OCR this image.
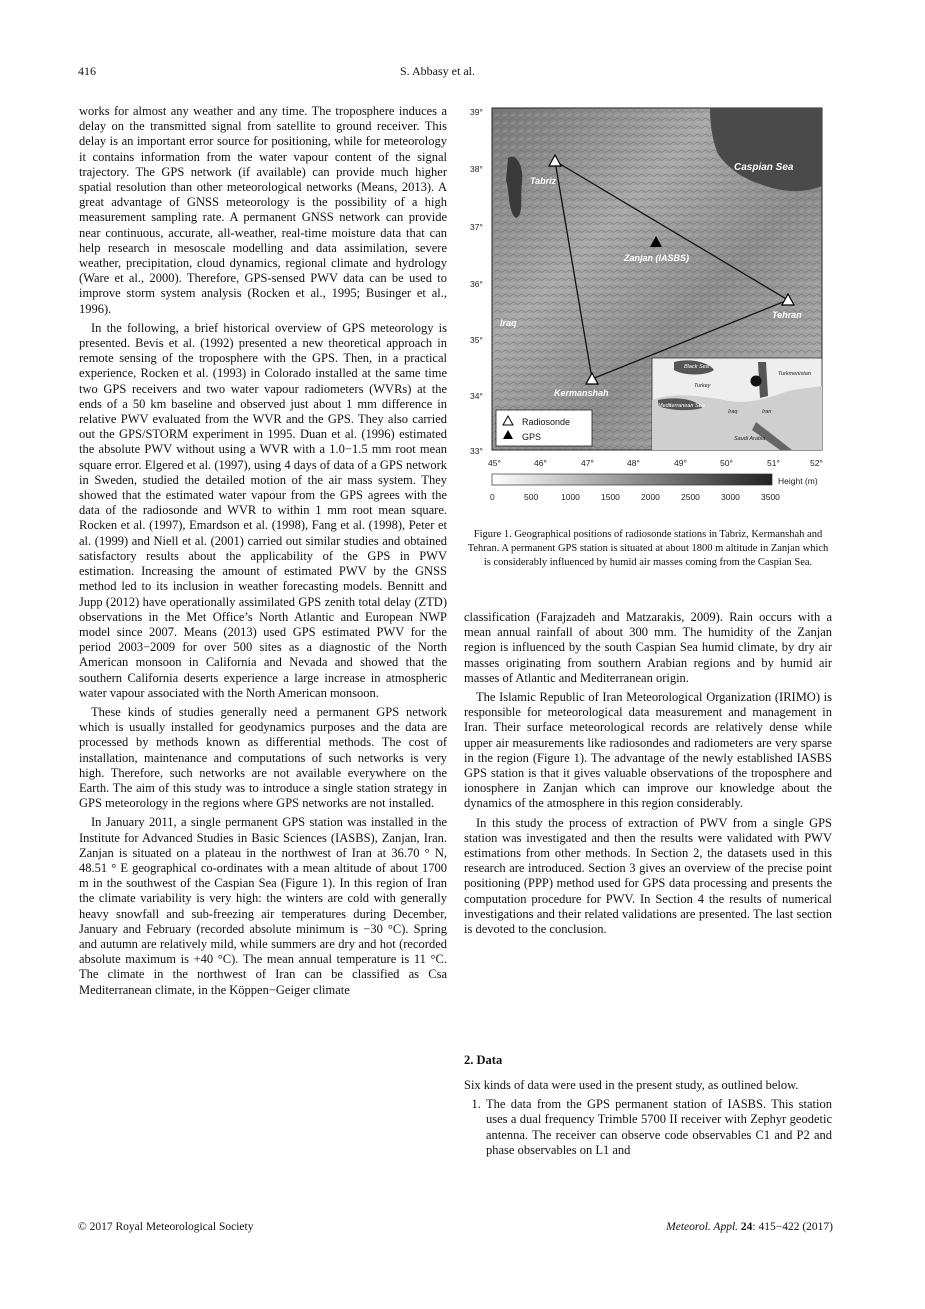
416	S. Abbasy et al.

works for almost any weather and any time. The troposphere induces a delay on the transmitted signal from satellite to ground receiver. This delay is an important error source for positioning, while for meteorology it contains information from the water vapour content of the signal trajectory. The GPS network (if available) can provide much higher spatial resolution than other meteorological networks (Means, 2013). A great advantage of GNSS meteorology is the possibility of a high measurement sampling rate. A permanent GNSS network can provide near continuous, accurate, all-weather, real-time moisture data that can help research in mesoscale modelling and data assimilation, severe weather, precipitation, cloud dynamics, regional climate and hydrology (Ware et al., 2000). Therefore, GPS-sensed PWV data can be used to improve storm system analysis (Rocken et al., 1995; Businger et al., 1996).

In the following, a brief historical overview of GPS meteorology is presented. Bevis et al. (1992) presented a new theoretical approach in remote sensing of the troposphere with the GPS. Then, in a practical experience, Rocken et al. (1993) in Colorado installed at the same time two GPS receivers and two water vapour radiometers (WVRs) at the ends of a 50 km baseline and observed just about 1 mm difference in relative PWV evaluated from the WVR and the GPS. They also carried out the GPS/STORM experiment in 1995. Duan et al. (1996) estimated the absolute PWV without using a WVR with a 1.0−1.5 mm root mean square error. Elgered et al. (1997), using 4 days of data of a GPS network in Sweden, studied the detailed motion of the air mass system. They showed that the estimated water vapour from the GPS agrees with the data of the radiosonde and WVR to within 1 mm root mean square. Rocken et al. (1997), Emardson et al. (1998), Fang et al. (1998), Peter et al. (1999) and Niell et al. (2001) carried out similar studies and obtained satisfactory results about the applicability of the GPS in PWV estimation. Increasing the amount of estimated PWV by the GNSS method led to its inclusion in weather forecasting models. Bennitt and Jupp (2012) have operationally assimilated GPS zenith total delay (ZTD) observations in the Met Office’s North Atlantic and European NWP model since 2007. Means (2013) used GPS estimated PWV for the period 2003−2009 for over 500 sites as a diagnostic of the North American monsoon in California and Nevada and showed that the southern California deserts experience a large increase in atmospheric water vapour associated with the North American monsoon.

These kinds of studies generally need a permanent GPS network which is usually installed for geodynamics purposes and the data are processed by methods known as differential methods. The cost of installation, maintenance and computations of such networks is very high. Therefore, such networks are not available everywhere on the Earth. The aim of this study was to introduce a single station strategy in GPS meteorology in the regions where GPS networks are not installed.

In January 2011, a single permanent GPS station was installed in the Institute for Advanced Studies in Basic Sciences (IASBS), Zanjan, Iran. Zanjan is situated on a plateau in the northwest of Iran at 36.70 ° N, 48.51 ° E geographical co-ordinates with a mean altitude of about 1700 m in the southwest of the Caspian Sea (Figure 1). In this region of Iran the climate variability is very high: the winters are cold with generally heavy snowfall and sub-freezing air temperatures during December, January and February (recorded absolute minimum is −30 °C). Spring and autumn are relatively mild, while summers are dry and hot (recorded absolute maximum is +40 °C). The mean annual temperature is 11 °C. The climate in the northwest of Iran can be classified as Csa Mediterranean climate, in the Köppen−Geiger climate

Caspian Sea
Tabriz
Zanjan (IASBS)
Tehran
Iraq
Kermanshah
39°
38°
37°
36°
35°
34°
33°
Black Sea
Turkey
Turkmenistan
Mediterranean Sea
Iraq	Iran
Saudi Arabia
Radiosonde
GPS
45°	46°	47°	48°	49°	50°	51°	52°
Height (m)
0	500	1000 1500 2000 2500 3000 3500
Figure 1. Geographical positions of radiosonde stations in Tabriz, Kermanshah and Tehran. A permanent GPS station is situated at about 1800 m altitude in Zanjan which is considerably influenced by humid air masses coming from the Caspian Sea.

classification (Farajzadeh and Matzarakis, 2009). Rain occurs with a mean annual rainfall of about 300 mm. The humidity of the Zanjan region is influenced by the south Caspian Sea humid climate, by dry air masses originating from southern Arabian regions and by humid air masses of Atlantic and Mediterranean origin.

The Islamic Republic of Iran Meteorological Organization (IRIMO) is responsible for meteorological data measurement and management in Iran. Their surface meteorological records are relatively dense while upper air measurements like radiosondes and radiometers are very sparse in the region (Figure 1). The advantage of the newly established IASBS GPS station is that it gives valuable observations of the troposphere and ionosphere in Zanjan which can improve our knowledge about the dynamics of the atmosphere in this region considerably.

In this study the process of extraction of PWV from a single GPS station was investigated and then the results were validated with PWV estimations from other methods. In Section 2, the datasets used in this research are introduced. Section 3 gives an overview of the precise point positioning (PPP) method used for GPS data processing and presents the computation procedure for PWV. In Section 4 the results of numerical investigations and their related validations are presented. The last section is devoted to the conclusion.

2. Data

Six kinds of data were used in the present study, as outlined below.

1. The data from the GPS permanent station of IASBS. This station uses a dual frequency Trimble 5700 II receiver with Zephyr geodetic antenna. The receiver can observe code observables C1 and P2 and phase observables on L1 and
© 2017 Royal Meteorological Society	Meteorol. Appl. 24: 415−422 (2017)
